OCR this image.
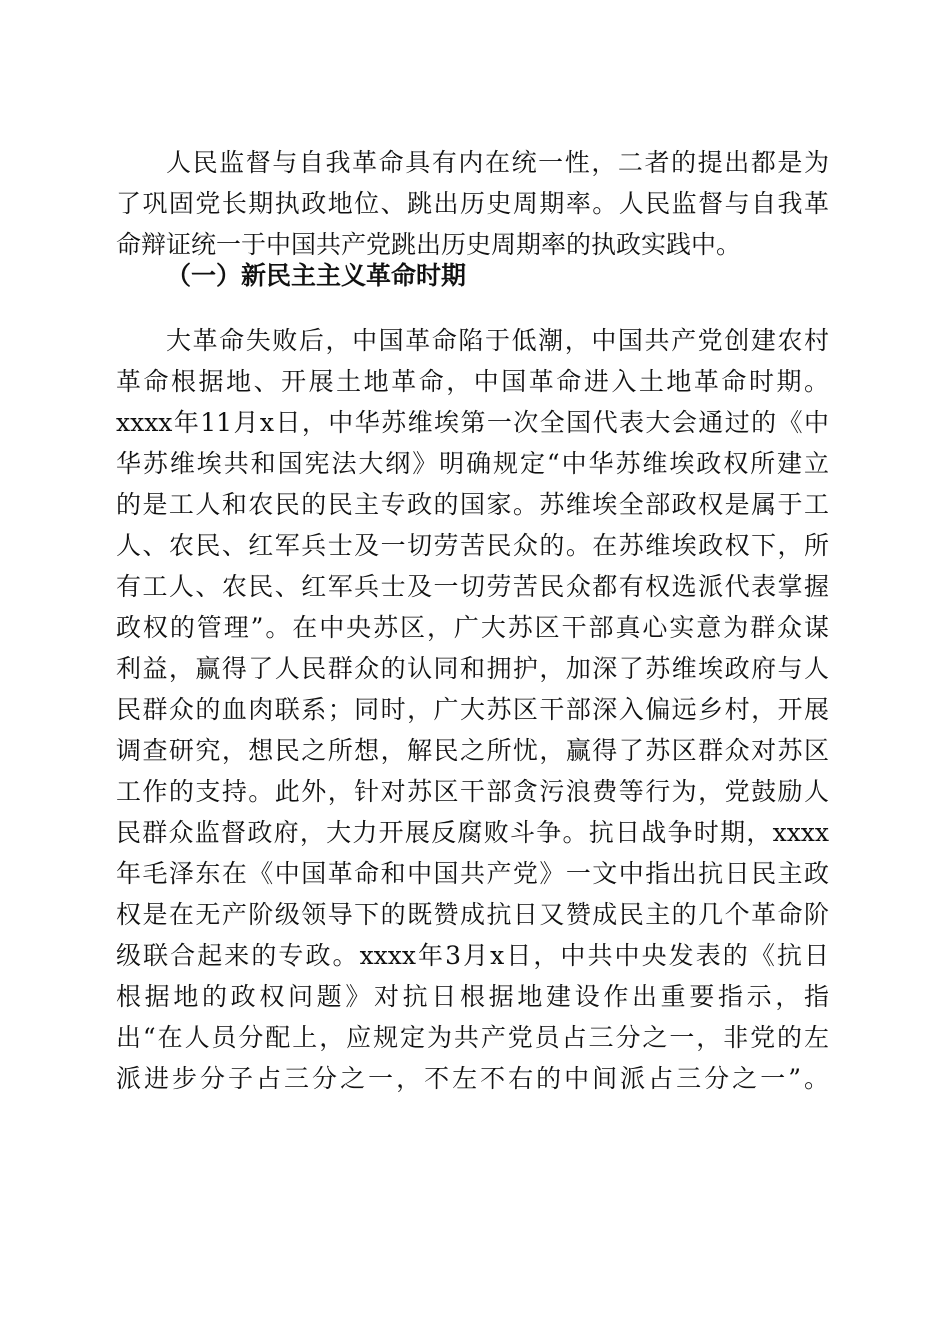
人民监督与自我革命具有内在统一性，二者的提出都是为
了巩固党长期执政地位、跳出历史周期率。人民监督与自我革
命辩证统一于中国共产党跳出历史周期率的执政实践中。
（一）新民主主义革命时期
大革命失败后，中国革命陷于低潮，中国共产党创建农村
革命根据地、开展土地革命，中国革命进入土地革命时期。
xxxx年11月x日，中华苏维埃第一次全国代表大会通过的《中
华苏维埃共和国宪法大纲》明确规定“中华苏维埃政权所建立
的是工人和农民的民主专政的国家。苏维埃全部政权是属于工
人、农民、红军兵士及一切劳苦民众的。在苏维埃政权下，所
有工人、农民、红军兵士及一切劳苦民众都有权选派代表掌握
政权的管理”。在中央苏区，广大苏区干部真心实意为群众谋
利益，赢得了人民群众的认同和拥护，加深了苏维埃政府与人
民群众的血肉联系；同时，广大苏区干部深入偏远乡村，开展
调查研究，想民之所想，解民之所忧，赢得了苏区群众对苏区
工作的支持。此外，针对苏区干部贪污浪费等行为，党鼓励人
民群众监督政府，大力开展反腐败斗争。抗日战争时期，xxxx
年毛泽东在《中国革命和中国共产党》一文中指出抗日民主政
权是在无产阶级领导下的既赞成抗日又赞成民主的几个革命阶
级联合起来的专政。xxxx年3月x日，中共中央发表的《抗日
根据地的政权问题》对抗日根据地建设作出重要指示，指
出“在人员分配上，应规定为共产党员占三分之一，非党的左
派进步分子占三分之一，不左不右的中间派占三分之一”。
